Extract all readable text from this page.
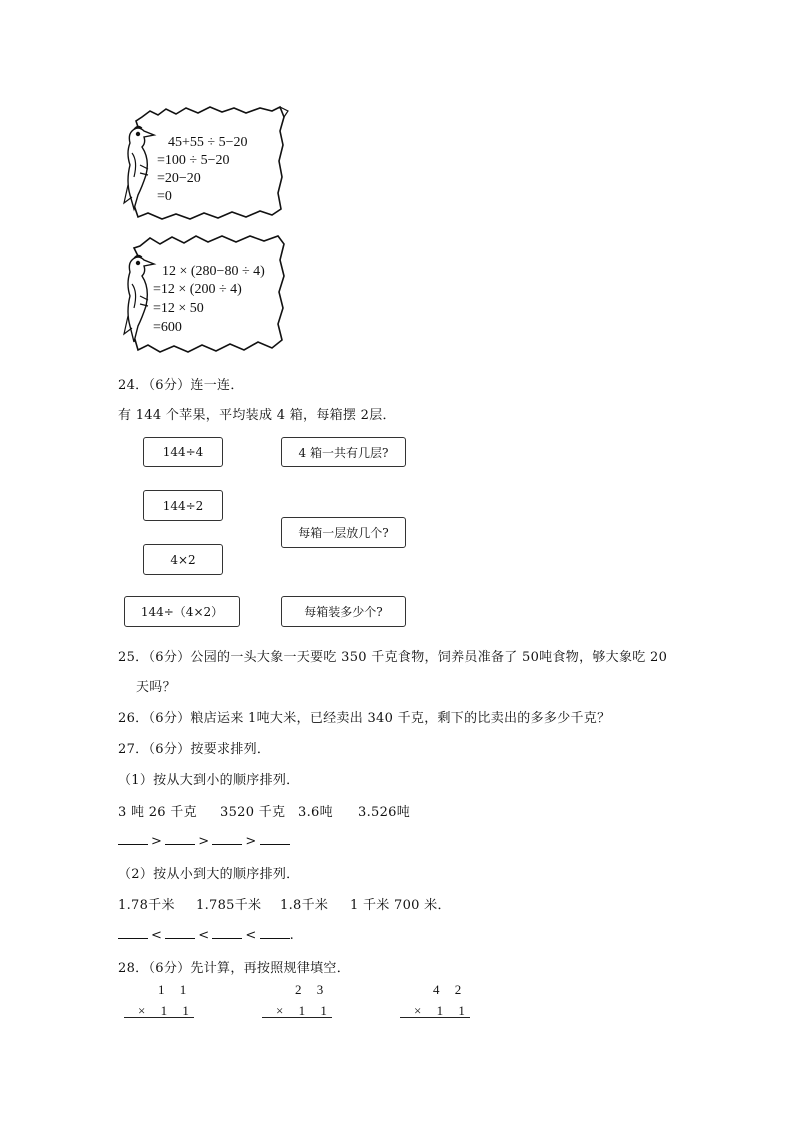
45+55 ÷ 5−20
=100 ÷ 5−20
=20−20
=0
12 × (280−80 ÷ 4)
=12 × (200 ÷ 4)
=12 × 50
=600
24．（6分）连一连．
有 144 个苹果，平均装成 4 箱，每箱摆 2层．
144÷4
144÷2
4×2
144÷（4×2）
4 箱一共有几层?
每箱一层放几个?
每箱装多少个?
25．（6分）公园的一头大象一天要吃 350 千克食物，饲养员准备了 50吨食物，够大象吃 20
天吗？
26．（6分）粮店运来 1吨大米，已经卖出 340 千克，剩下的比卖出的多多少千克？
27．（6分）按要求排列．
（1）按从大到小的顺序排列．
3 吨 26 千克 3520 千克 3.6吨 3.526吨
>	>	>
（2）按从小到大的顺序排列．
1.78千米 1.785千米 1.8千米 1 千米 700 米．
<	<	<	.
28．（6分）先计算，再按照规律填空．
1 1
× 1 1
2 3
× 1 1
4 2
× 1 1
